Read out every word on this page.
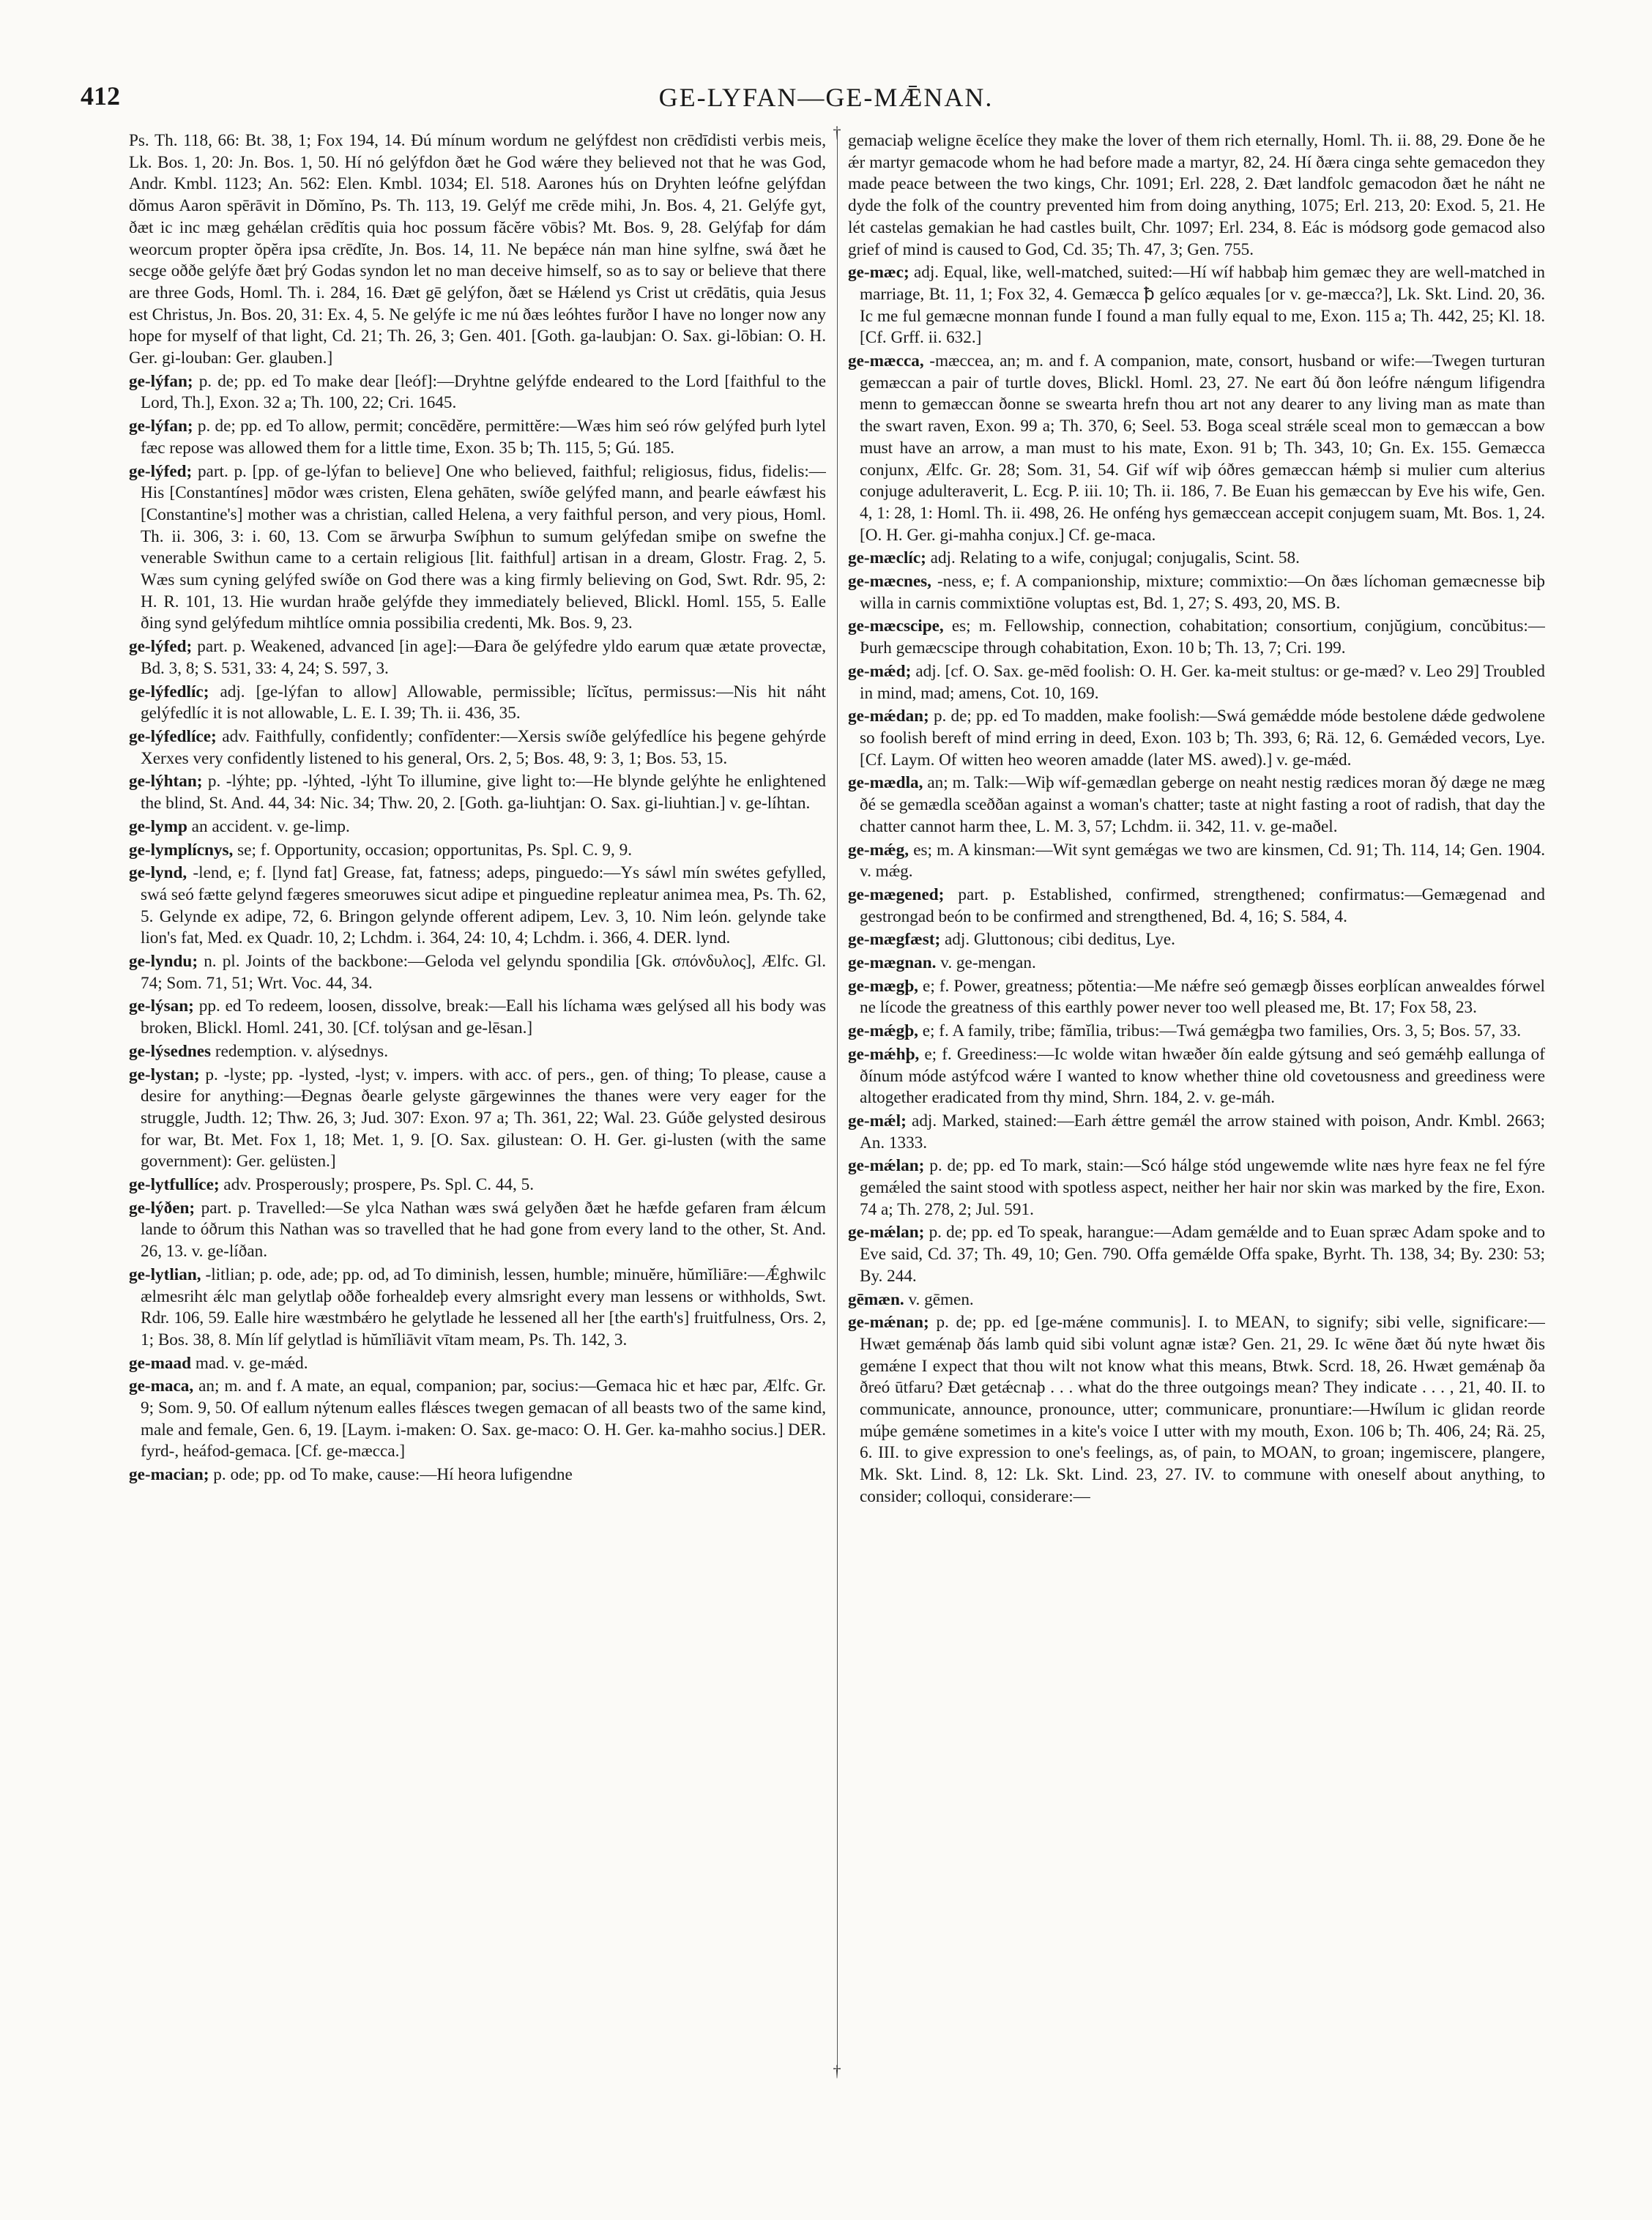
412	GE-LYFAN—GE-MǢNAN.

Ps. Th. 118, 66: Bt. 38, 1; Fox 194, 14. Ðú mínum wordum ne gelýfdest non crēdīdisti verbis meis, Lk. Bos. 1, 20: Jn. Bos. 1, 50. Hí nó gelýfdon ðæt he God wǽre they believed not that he was God, Andr. Kmbl. 1123; An. 562: Elen. Kmbl. 1034; El. 518. Aarones hús on Dryhten leófne gelýfdan dŏmus Aaron spērāvit in Dŏmĭno, Ps. Th. 113, 19. Gelýf me crēde mihi, Jn. Bos. 4, 21. Gelýfe gyt, ðæt ic inc mæg gehǽlan crēdĭtis quia hoc possum făcĕre vōbis? Mt. Bos. 9, 28. Gelýfaþ for dám weorcum propter ŏpĕra ipsa crēdĭte, Jn. Bos. 14, 11. Ne bepǽce nán man hine sylfne, swá ðæt he secge oððe gelýfe ðæt þrý Godas syndon let no man deceive himself, so as to say or believe that there are three Gods, Homl. Th. i. 284, 16. Ðæt gē gelýfon, ðæt se Hǽlend ys Crist ut crēdātis, quia Jesus est Christus, Jn. Bos. 20, 31: Ex. 4, 5. Ne gelýfe ic me nú ðæs leóhtes furðor I have no longer now any hope for myself of that light, Cd. 21; Th. 26, 3; Gen. 401. [Goth. ga-laubjan: O. Sax. gi-lōbian: O. H. Ger. gi-louban: Ger. glauben.]

ge-lýfan; p. de; pp. ed To make dear [leóf]:—Dryhtne gelýfde endeared to the Lord [faithful to the Lord, Th.], Exon. 32 a; Th. 100, 22; Cri. 1645.

ge-lýfan; p. de; pp. ed To allow, permit; concēdĕre, permittĕre:—Wæs him seó rów gelýfed þurh lytel fæc repose was allowed them for a little time, Exon. 35 b; Th. 115, 5; Gú. 185.

ge-lýfed; part. p. [pp. of ge-lýfan to believe] One who believed, faithful; religiosus, fidus, fidelis:—His [Constantínes] mōdor wæs cristen, Elena gehāten, swíðe gelýfed mann, and þearle eáwfæst his [Constantine's] mother was a christian, called Helena, a very faithful person, and very pious, Homl. Th. ii. 306, 3: i. 60, 13. Com se ārwurþa Swíþhun to sumum gelýfedan smiþe on swefne the venerable Swithun came to a certain religious [lit. faithful] artisan in a dream, Glostr. Frag. 2, 5. Wæs sum cyning gelýfed swíðe on God there was a king firmly believing on God, Swt. Rdr. 95, 2: H. R. 101, 13. Hie wurdan hraðe gelýfde they immediately believed, Blickl. Homl. 155, 5. Ealle ðing synd gelýfedum mihtlíce omnia possibilia credenti, Mk. Bos. 9, 23.

ge-lýfed; part. p. Weakened, advanced [in age]:—Ðara ðe gelýfedre yldo earum quæ ætate provectæ, Bd. 3, 8; S. 531, 33: 4, 24; S. 597, 3.

ge-lýfedlíc; adj. [ge-lýfan to allow] Allowable, permissible; lĭcĭtus, permissus:—Nis hit náht gelýfedlíc it is not allowable, L. E. I. 39; Th. ii. 436, 35.

ge-lýfedlíce; adv. Faithfully, confidently; confīdenter:—Xersis swíðe gelýfedlíce his þegene gehýrde Xerxes very confidently listened to his general, Ors. 2, 5; Bos. 48, 9: 3, 1; Bos. 53, 15.

ge-lýhtan; p. -lýhte; pp. -lýhted, -lýht To illumine, give light to:—He blynde gelýhte he enlightened the blind, St. And. 44, 34: Nic. 34; Thw. 20, 2. [Goth. ga-liuhtjan: O. Sax. gi-liuhtian.] v. ge-líhtan.

ge-lymp an accident. v. ge-limp.

ge-lymplícnys, se; f. Opportunity, occasion; opportunitas, Ps. Spl. C. 9, 9.

ge-lynd, -lend, e; f. [lynd fat] Grease, fat, fatness; adeps, pinguedo:—Ys sáwl mín swétes gefylled, swá seó fætte gelynd fægeres smeoruwes sicut adipe et pinguedine repleatur animea mea, Ps. Th. 62, 5. Gelynde ex adipe, 72, 6. Bringon gelynde offerent adipem, Lev. 3, 10. Nim león. gelynde take lion's fat, Med. ex Quadr. 10, 2; Lchdm. i. 364, 24: 10, 4; Lchdm. i. 366, 4. DER. lynd.

ge-lyndu; n. pl. Joints of the backbone:—Geloda vel gelyndu spondilia [Gk. σπόνδυλος], Ælfc. Gl. 74; Som. 71, 51; Wrt. Voc. 44, 34.

ge-lýsan; pp. ed To redeem, loosen, dissolve, break:—Eall his líchama wæs gelýsed all his body was broken, Blickl. Homl. 241, 30. [Cf. tolýsan and ge-lēsan.]

ge-lýsednes redemption. v. alýsednys.

ge-lystan; p. -lyste; pp. -lysted, -lyst; v. impers. with acc. of pers., gen. of thing; To please, cause a desire for anything:—Ðegnas ðearle gelyste gārgewinnes the thanes were very eager for the struggle, Judth. 12; Thw. 26, 3; Jud. 307: Exon. 97 a; Th. 361, 22; Wal. 23. Gúðe gelysted desirous for war, Bt. Met. Fox 1, 18; Met. 1, 9. [O. Sax. gilustean: O. H. Ger. gi-lusten (with the same government): Ger. gelüsten.]

ge-lytfullíce; adv. Prosperously; prospere, Ps. Spl. C. 44, 5.

ge-lýðen; part. p. Travelled:—Se ylca Nathan wæs swá gelyðen ðæt he hæfde gefaren fram ǽlcum lande to óðrum this Nathan was so travelled that he had gone from every land to the other, St. And. 26, 13. v. ge-líðan.

ge-lytlian, -litlian; p. ode, ade; pp. od, ad To diminish, lessen, humble; minuĕre, hŭmĭliāre:—Ǽghwilc ælmesriht ǽlc man gelytlaþ oððe forhealdeþ every almsright every man lessens or withholds, Swt. Rdr. 106, 59. Ealle hire wæstmbǽro he gelytlade he lessened all her [the earth's] fruitfulness, Ors. 2, 1; Bos. 38, 8. Mín líf gelytlad is hŭmĭliāvit vītam meam, Ps. Th. 142, 3.

ge-maad mad. v. ge-mǽd.

ge-maca, an; m. and f. A mate, an equal, companion; par, socius:—Gemaca hic et hæc par, Ælfc. Gr. 9; Som. 9, 50. Of eallum nýtenum ealles flǽsces twegen gemacan of all beasts two of the same kind, male and female, Gen. 6, 19. [Laym. i-maken: O. Sax. ge-maco: O. H. Ger. ka-mahho socius.] DER. fyrd-, heáfod-gemaca. [Cf. ge-mæcca.]

ge-macian; p. ode; pp. od To make, cause:—Hí heora lufigendne

†
†

gemaciaþ weligne ēcelíce they make the lover of them rich eternally, Homl. Th. ii. 88, 29. Ðone ðe he ǽr martyr gemacode whom he had before made a martyr, 82, 24. Hí ðæra cinga sehte gemacedon they made peace between the two kings, Chr. 1091; Erl. 228, 2. Ðæt landfolc gemacodon ðæt he náht ne dyde the folk of the country prevented him from doing anything, 1075; Erl. 213, 20: Exod. 5, 21. He lét castelas gemakian he had castles built, Chr. 1097; Erl. 234, 8. Eác is módsorg gode gemacod also grief of mind is caused to God, Cd. 35; Th. 47, 3; Gen. 755.

ge-mæc; adj. Equal, like, well-matched, suited:—Hí wíf habbaþ him gemæc they are well-matched in marriage, Bt. 11, 1; Fox 32, 4. Gemæcca ꝥ gelíco æquales [or v. ge-mæcca?], Lk. Skt. Lind. 20, 36. Ic me ful gemæcne monnan funde I found a man fully equal to me, Exon. 115 a; Th. 442, 25; Kl. 18. [Cf. Grff. ii. 632.]

ge-mæcca, -mæccea, an; m. and f. A companion, mate, consort, husband or wife:—Twegen turturan gemæccan a pair of turtle doves, Blickl. Homl. 23, 27. Ne eart ðú ðon leófre nǽngum lifigendra menn to gemæccan ðonne se swearta hrefn thou art not any dearer to any living man as mate than the swart raven, Exon. 99 a; Th. 370, 6; Seel. 53. Boga sceal strǽle sceal mon to gemæccan a bow must have an arrow, a man must to his mate, Exon. 91 b; Th. 343, 10; Gn. Ex. 155. Gemæcca conjunx, Ælfc. Gr. 28; Som. 31, 54. Gif wíf wiþ óðres gemæccan hǽmþ si mulier cum alterius conjuge adulteraverit, L. Ecg. P. iii. 10; Th. ii. 186, 7. Be Euan his gemæccan by Eve his wife, Gen. 4, 1: 28, 1: Homl. Th. ii. 498, 26. He onféng hys gemæccean accepit conjugem suam, Mt. Bos. 1, 24. [O. H. Ger. gi-mahha conjux.] Cf. ge-maca.

ge-mæclíc; adj. Relating to a wife, conjugal; conjugalis, Scint. 58.

ge-mæcnes, -ness, e; f. A companionship, mixture; commixtio:—On ðæs líchoman gemæcnesse biþ willa in carnis commixtiōne voluptas est, Bd. 1, 27; S. 493, 20, MS. B.

ge-mæcscipe, es; m. Fellowship, connection, cohabitation; consortium, conjŭgium, concŭbitus:—Þurh gemæcscipe through cohabitation, Exon. 10 b; Th. 13, 7; Cri. 199.

ge-mǽd; adj. [cf. O. Sax. ge-mēd foolish: O. H. Ger. ka-meit stultus: or ge-mæd? v. Leo 29] Troubled in mind, mad; amens, Cot. 10, 169.

ge-mǽdan; p. de; pp. ed To madden, make foolish:—Swá gemǽdde móde bestolene dǽde gedwolene so foolish bereft of mind erring in deed, Exon. 103 b; Th. 393, 6; Rä. 12, 6. Gemǽded vecors, Lye. [Cf. Laym. Of witten heo weoren amadde (later MS. awed).] v. ge-mǽd.

ge-mædla, an; m. Talk:—Wiþ wíf-gemædlan geberge on neaht nestig rædices moran ðý dæge ne mæg ðé se gemædla sceððan against a woman's chatter; taste at night fasting a root of radish, that day the chatter cannot harm thee, L. M. 3, 57; Lchdm. ii. 342, 11. v. ge-maðel.

ge-mǽg, es; m. A kinsman:—Wit synt gemǽgas we two are kinsmen, Cd. 91; Th. 114, 14; Gen. 1904. v. mǽg.

ge-mægened; part. p. Established, confirmed, strengthened; confirmatus:—Gemægenad and gestrongad beón to be confirmed and strengthened, Bd. 4, 16; S. 584, 4.

ge-mægfæst; adj. Gluttonous; cibi deditus, Lye.

ge-mægnan. v. ge-mengan.

ge-mægþ, e; f. Power, greatness; pŏtentia:—Me nǽfre seó gemægþ ðisses eorþlícan anwealdes fórwel ne lícode the greatness of this earthly power never too well pleased me, Bt. 17; Fox 58, 23.

ge-mǽgþ, e; f. A family, tribe; fămĭlia, tribus:—Twá gemǽgþa two families, Ors. 3, 5; Bos. 57, 33.

ge-mǽhþ, e; f. Greediness:—Ic wolde witan hwæðer ðín ealde gýtsung and seó gemǽhþ eallunga of ðínum móde astýfcod wǽre I wanted to know whether thine old covetousness and greediness were altogether eradicated from thy mind, Shrn. 184, 2. v. ge-máh.

ge-mǽl; adj. Marked, stained:—Earh ǽttre gemǽl the arrow stained with poison, Andr. Kmbl. 2663; An. 1333.

ge-mǽlan; p. de; pp. ed To mark, stain:—Scó hálge stód ungewemde wlite næs hyre feax ne fel fýre gemǽled the saint stood with spotless aspect, neither her hair nor skin was marked by the fire, Exon. 74 a; Th. 278, 2; Jul. 591.

ge-mǽlan; p. de; pp. ed To speak, harangue:—Adam gemǽlde and to Euan spræc Adam spoke and to Eve said, Cd. 37; Th. 49, 10; Gen. 790. Offa gemǽlde Offa spake, Byrht. Th. 138, 34; By. 230: 53; By. 244.

gēmæn. v. gēmen.

ge-mǽnan; p. de; pp. ed [ge-mǽne communis]. I. to MEAN, to signify; sibi velle, significare:—Hwæt gemǽnaþ ðás lamb quid sibi volunt agnæ istæ? Gen. 21, 29. Ic wēne ðæt ðú nyte hwæt ðis gemǽne I expect that thou wilt not know what this means, Btwk. Scrd. 18, 26. Hwæt gemǽnaþ ða ðreó ūtfaru? Ðæt getǽcnaþ . . . what do the three outgoings mean? They indicate . . . , 21, 40. II. to communicate, announce, pronounce, utter; communicare, pronuntiare:—Hwílum ic glidan reorde múþe gemǽne sometimes in a kite's voice I utter with my mouth, Exon. 106 b; Th. 406, 24; Rä. 25, 6. III. to give expression to one's feelings, as, of pain, to MOAN, to groan; ingemiscere, plangere, Mk. Skt. Lind. 8, 12: Lk. Skt. Lind. 23, 27. IV. to commune with oneself about anything, to consider; colloqui, considerare:—
